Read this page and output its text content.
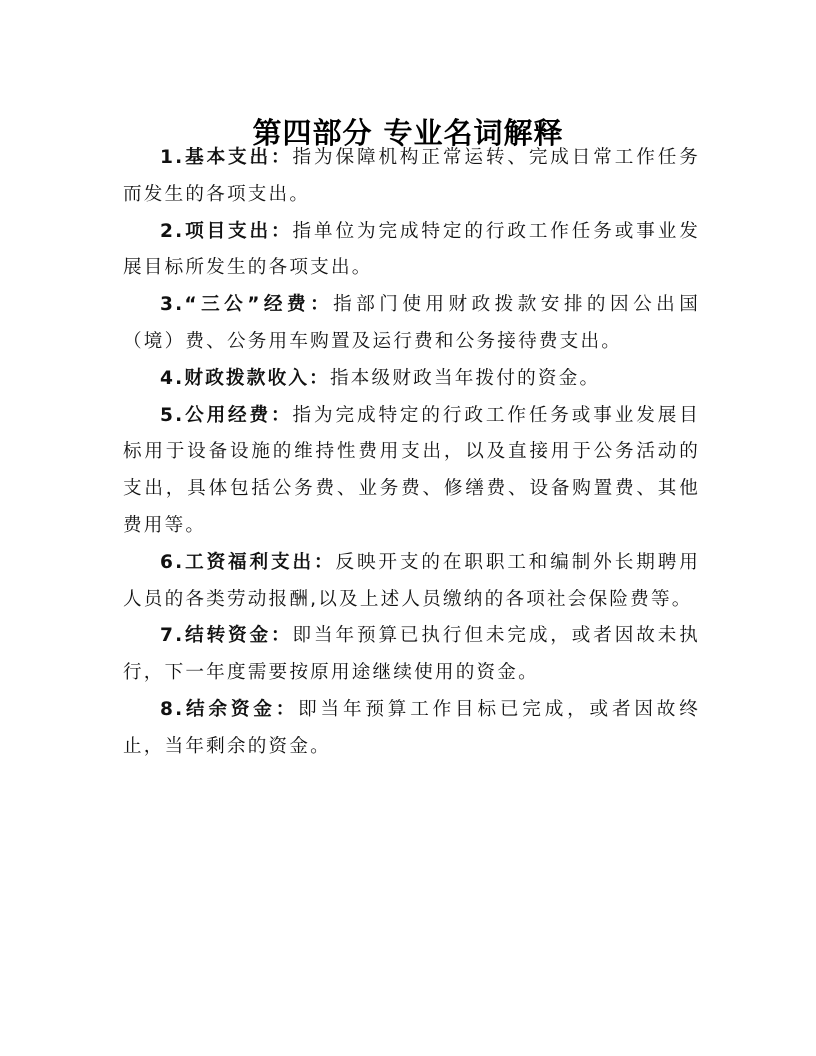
第四部分 专业名词解释

1.基本支出：指为保障机构正常运转、完成日常工作任务而发生的各项支出。

2.项目支出：指单位为完成特定的行政工作任务或事业发展目标所发生的各项支出。

3.“三公”经费：指部门使用财政拨款安排的因公出国（境）费、公务用车购置及运行费和公务接待费支出。

4.财政拨款收入：指本级财政当年拨付的资金。

5.公用经费：指为完成特定的行政工作任务或事业发展目标用于设备设施的维持性费用支出，以及直接用于公务活动的支出，具体包括公务费、业务费、修缮费、设备购置费、其他费用等。

6.工资福利支出：反映开支的在职职工和编制外长期聘用人员的各类劳动报酬,以及上述人员缴纳的各项社会保险费等。

7.结转资金：即当年预算已执行但未完成，或者因故未执行，下一年度需要按原用途继续使用的资金。

8.结余资金：即当年预算工作目标已完成，或者因故终止，当年剩余的资金。
